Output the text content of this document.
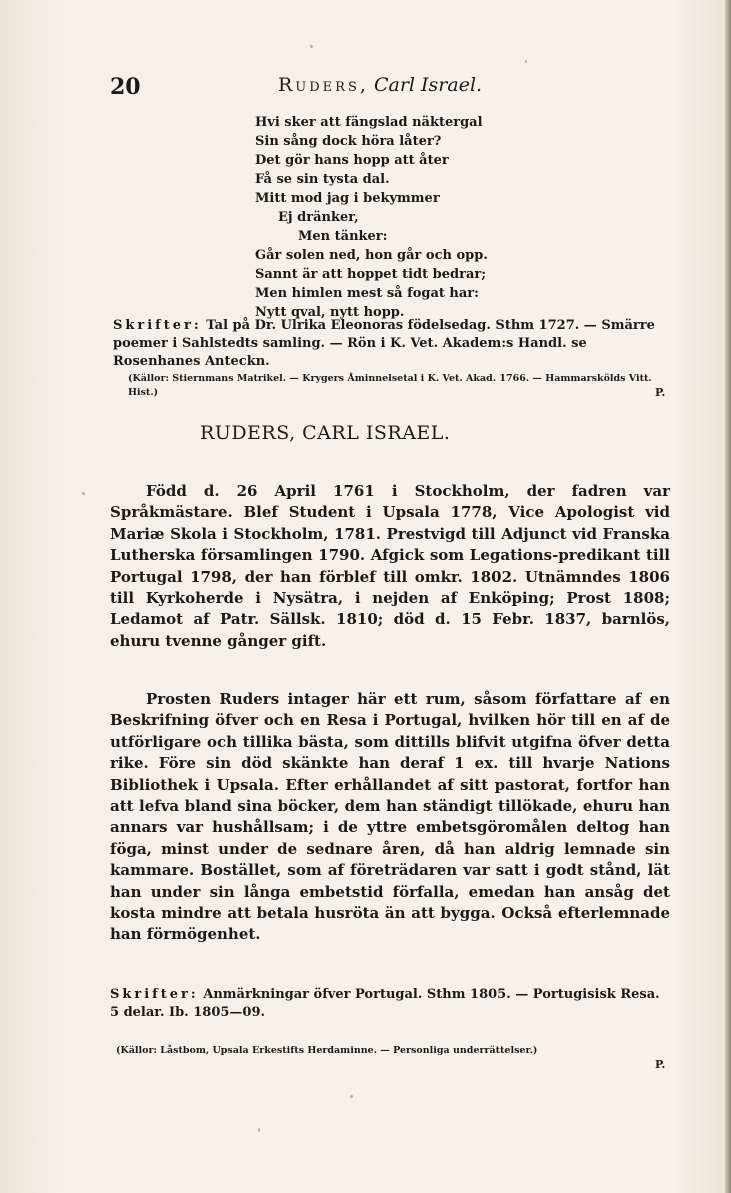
20	Ruders, Carl Israel.
Hvi sker att fängslad näktergal
Sin sång dock höra låter?
Det gör hans hopp att åter
Få se sin tysta dal.
Mitt mod jag i bekymmer
Ej dränker,
Men tänker:
Går solen ned, hon går och opp.
Sannt är att hoppet tidt bedrar;
Men himlen mest så fogat har:
Nytt qval, nytt hopp.
Skrifter: Tal på Dr. Ulrika Eleonoras födelsedag. Sthm 1727. — Smärre poemer i Sahlstedts samling. — Rön i K. Vet. Akadem:s Handl. se Rosenhanes Anteckn.
(Källor: Stiernmans Matrikel. — Krygers Åminnelsetal i K. Vet. Akad. 1766. — Hammarskölds Vitt. Hist.)	P.
RUDERS, CARL ISRAEL.

Född d. 26 April 1761 i Stockholm, der fadren var Språkmästare. Blef Student i Upsala 1778, Vice Apologist vid Mariæ Skola i Stockholm, 1781. Prestvigd till Adjunct vid Franska Lutherska församlingen 1790. Afgick som Legations-predikant till Portugal 1798, der han förblef till omkr. 1802. Utnämndes 1806 till Kyrkoherde i Nysätra, i nejden af Enköping; Prost 1808; Ledamot af Patr. Sällsk. 1810; död d. 15 Febr. 1837, barnlös, ehuru tvenne gånger gift.

Prosten Ruders intager här ett rum, såsom författare af en Beskrifning öfver och en Resa i Portugal, hvilken hör till en af de utförligare och tillika bästa, som dittills blifvit utgifna öfver detta rike. Före sin död skänkte han deraf 1 ex. till hvarje Nations Bibliothek i Upsala. Efter erhållandet af sitt pastorat, fortfor han att lefva bland sina böcker, dem han ständigt tillökade, ehuru han annars var hushållsam; i de yttre embetsgöromålen deltog han föga, minst under de sednare åren, då han aldrig lemnade sin kammare. Bostället, som af företrädaren var satt i godt stånd, lät han under sin långa embetstid förfalla, emedan han ansåg det kosta mindre att betala husröta än att bygga. Också efterlemnade han förmögenhet.

Skrifter: Anmärkningar öfver Portugal. Sthm 1805. — Portugisisk Resa. 5 delar. Ib. 1805—09.
(Källor: Låstbom, Upsala Erkestifts Herdaminne. — Personliga underrättelser.)
P.
